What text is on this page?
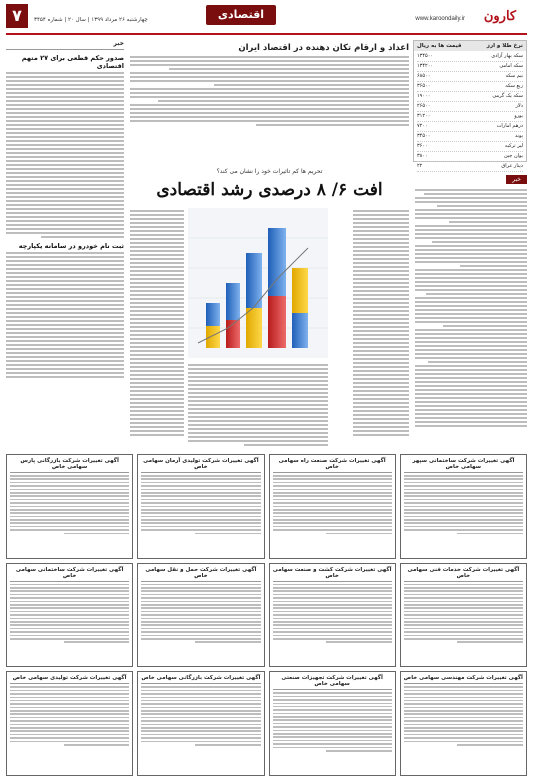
کارون
www.karoondaily.ir
اقتصادی
چهارشنبه ۲۶ مرداد ۱۳۹۹ | سال ۲۰ | شماره ۳۴۵۴
۷
نرخ طلا و ارز
قیمت ها به ریال
سکه بهار آزادی
۱۳۴۵۰۰
سکه امامی
۱۳۴۲۰۰
نیم سکه
۶۸۵۰۰
ربع سکه
۳۶۵۰۰
سکه یک گرمی
۱۹۰۰۰
دلار
۲۶۵۰۰
یورو
۳۱۲۰۰
درهم امارات
۷۲۰۰
پوند
۳۴۵۰۰
لیر ترکیه
۳۶۰۰
یوان چین
۳۸۰۰
دینار عراق
۲۲
خبر
اعداد و ارقام تکان دهنده در اقتصاد ایران
تحریم ها کم تاثیرات خود را نشان می کند؟
افت ۶/ ۸ درصدی رشد اقتصادی
خبر
صدور حکم قطعی برای ۲۷ متهم اقتصادی
ثبت نام خودرو در سامانه یکپارچه
آگهی تغییرات شرکت ساختمانی سپهر سهامی خاص
آگهی تغییرات شرکت صنعت راه سهامی خاص
آگهی تغییرات شرکت تولیدی آرمان سهامی خاص
آگهی تغییرات شرکت بازرگانی پارس سهامی خاص
آگهی تغییرات شرکت خدمات فنی سهامی خاص
آگهی تغییرات شرکت کشت و صنعت سهامی خاص
آگهی تغییرات شرکت حمل و نقل سهامی خاص
آگهی تغییرات شرکت ساختمانی سهامی خاص
آگهی تغییرات شرکت مهندسی سهامی خاص
آگهی تغییرات شرکت تجهیزات صنعتی سهامی خاص
آگهی تغییرات شرکت بازرگانی سهامی خاص
آگهی تغییرات شرکت تولیدی سهامی خاص
